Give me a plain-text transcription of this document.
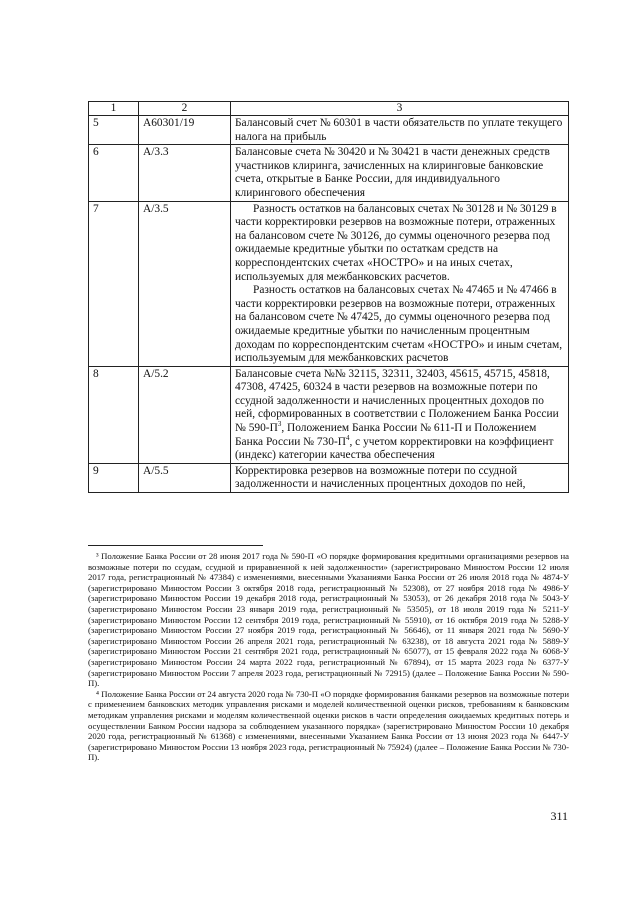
1	2	3
5	А60301/19	Балансовый счет № 60301 в части обязательств по уплате текущего налога на прибыль
6	А/3.3	Балансовые счета № 30420 и № 30421 в части денежных средств участников клиринга, зачисленных на клиринговые банковские счета, открытые в Банке России, для индивидуального клирингового обеспечения
7	А/3.5	Разность остатков на балансовых счетах № 30128 и № 30129 в части корректировки резервов на возможные потери, отраженных на балансовом счете № 30126, до суммы оценочного резерва под ожидаемые кредитные убытки по остаткам средств на корреспондентских счетах «НОСТРО» и на иных счетах, используемых для межбанковских расчетов.

Разность остатков на балансовых счетах № 47465 и № 47466 в части корректировки резервов на возможные потери, отраженных на балансовом счете № 47425, до суммы оценочного резерва под ожидаемые кредитные убытки по начисленным процентным доходам по корреспондентским счетам «НОСТРО» и иным счетам, используемым для межбанковских расчетов

8	А/5.2	Балансовые счета №№ 32115, 32311, 32403, 45615, 45715, 45818, 47308, 47425, 60324 в части резервов на возможные потери по ссудной задолженности и начисленных процентных доходов по ней, сформированных в соответствии с Положением Банка России № $590-П^3$, Положением Банка России № 611-П и Положением Банка России № $730-П^4$, с учетом корректировки на коэффициент (индекс) категории качества обеспечения
9	А/5.5	Корректировка резервов на возможные потери по ссудной задолженности и начисленных процентных доходов по ней,

³ Положение Банка России от 28 июня 2017 года № 590-П «О порядке формирования кредитными организациями резервов на возможные потери по ссудам, ссудной и приравненной к ней задолженности» (зарегистрировано Минюстом России 12 июля 2017 года, регистрационный № 47384) с изменениями, внесенными Указаниями Банка России от 26 июля 2018 года № 4874-У (зарегистрировано Минюстом России 3 октября 2018 года, регистрационный № 52308), от 27 ноября 2018 года № 4986-У (зарегистрировано Минюстом России 19 декабря 2018 года, регистрационный № 53053), от 26 декабря 2018 года № 5043-У (зарегистрировано Минюстом России 23 января 2019 года, регистрационный № 53505), от 18 июля 2019 года № 5211-У (зарегистрировано Минюстом России 12 сентября 2019 года, регистрационный № 55910), от 16 октября 2019 года № 5288-У (зарегистрировано Минюстом России 27 ноября 2019 года, регистрационный № 56646), от 11 января 2021 года № 5690-У (зарегистрировано Минюстом России 26 апреля 2021 года, регистрационный № 63238), от 18 августа 2021 года № 5889-У (зарегистрировано Минюстом России 21 сентября 2021 года, регистрационный № 65077), от 15 февраля 2022 года № 6068-У (зарегистрировано Минюстом России 24 марта 2022 года, регистрационный № 67894), от 15 марта 2023 года № 6377-У (зарегистрировано Минюстом России 7 апреля 2023 года, регистрационный № 72915) (далее – Положение Банка России № 590-П).

⁴ Положение Банка России от 24 августа 2020 года № 730-П «О порядке формирования банками резервов на возможные потери с применением банковских методик управления рисками и моделей количественной оценки рисков, требованиям к банковским методикам управления рисками и моделям количественной оценки рисков в части определения ожидаемых кредитных потерь и осуществлении Банком России надзора за соблюдением указанного порядка» (зарегистрировано Минюстом России 10 декабря 2020 года, регистрационный № 61368) с изменениями, внесенными Указанием Банка России от 13 июня 2023 года № 6447-У (зарегистрировано Минюстом России 13 ноября 2023 года, регистрационный № 75924) (далее – Положение Банка России № 730-П).

311
